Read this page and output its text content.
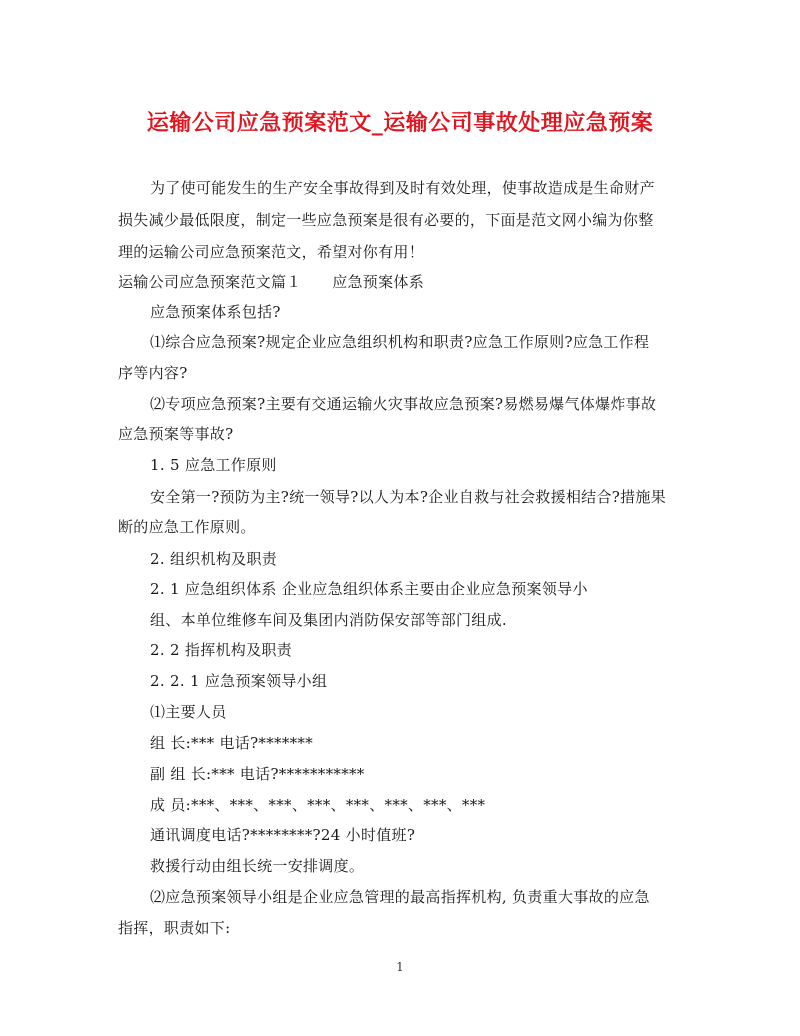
运输公司应急预案范文_运输公司事故处理应急预案
为了使可能发生的生产安全事故得到及时有效处理，使事故造成是生命财产
损失减少最低限度，制定一些应急预案是很有必要的，下面是范文网小编为你整
理的运输公司应急预案范文，希望对你有用！
运输公司应急预案范文篇１　　应急预案体系
应急预案体系包括?
⑴综合应急预案?规定企业应急组织机构和职责?应急工作原则?应急工作程
序等内容?
⑵专项应急预案?主要有交通运输火灾事故应急预案?易燃易爆气体爆炸事故
应急预案等事故?
1. 5 应急工作原则
安全第一?预防为主?统一领导?以人为本?企业自救与社会救援相结合?措施果
断的应急工作原则。
2. 组织机构及职责
2. 1 应急组织体系 企业应急组织体系主要由企业应急预案领导小
组、本单位维修车间及集团内消防保安部等部门组成.
2. 2 指挥机构及职责
2. 2. 1 应急预案领导小组
⑴主要人员
组 长:*** 电话?*******
副 组 长:*** 电话?***********
成 员:***、***、***、***、***、***、***、***
通讯调度电话?********?24 小时值班?
救援行动由组长统一安排调度。
⑵应急预案领导小组是企业应急管理的最高指挥机构, 负责重大事故的应急
指挥，职责如下:
1
